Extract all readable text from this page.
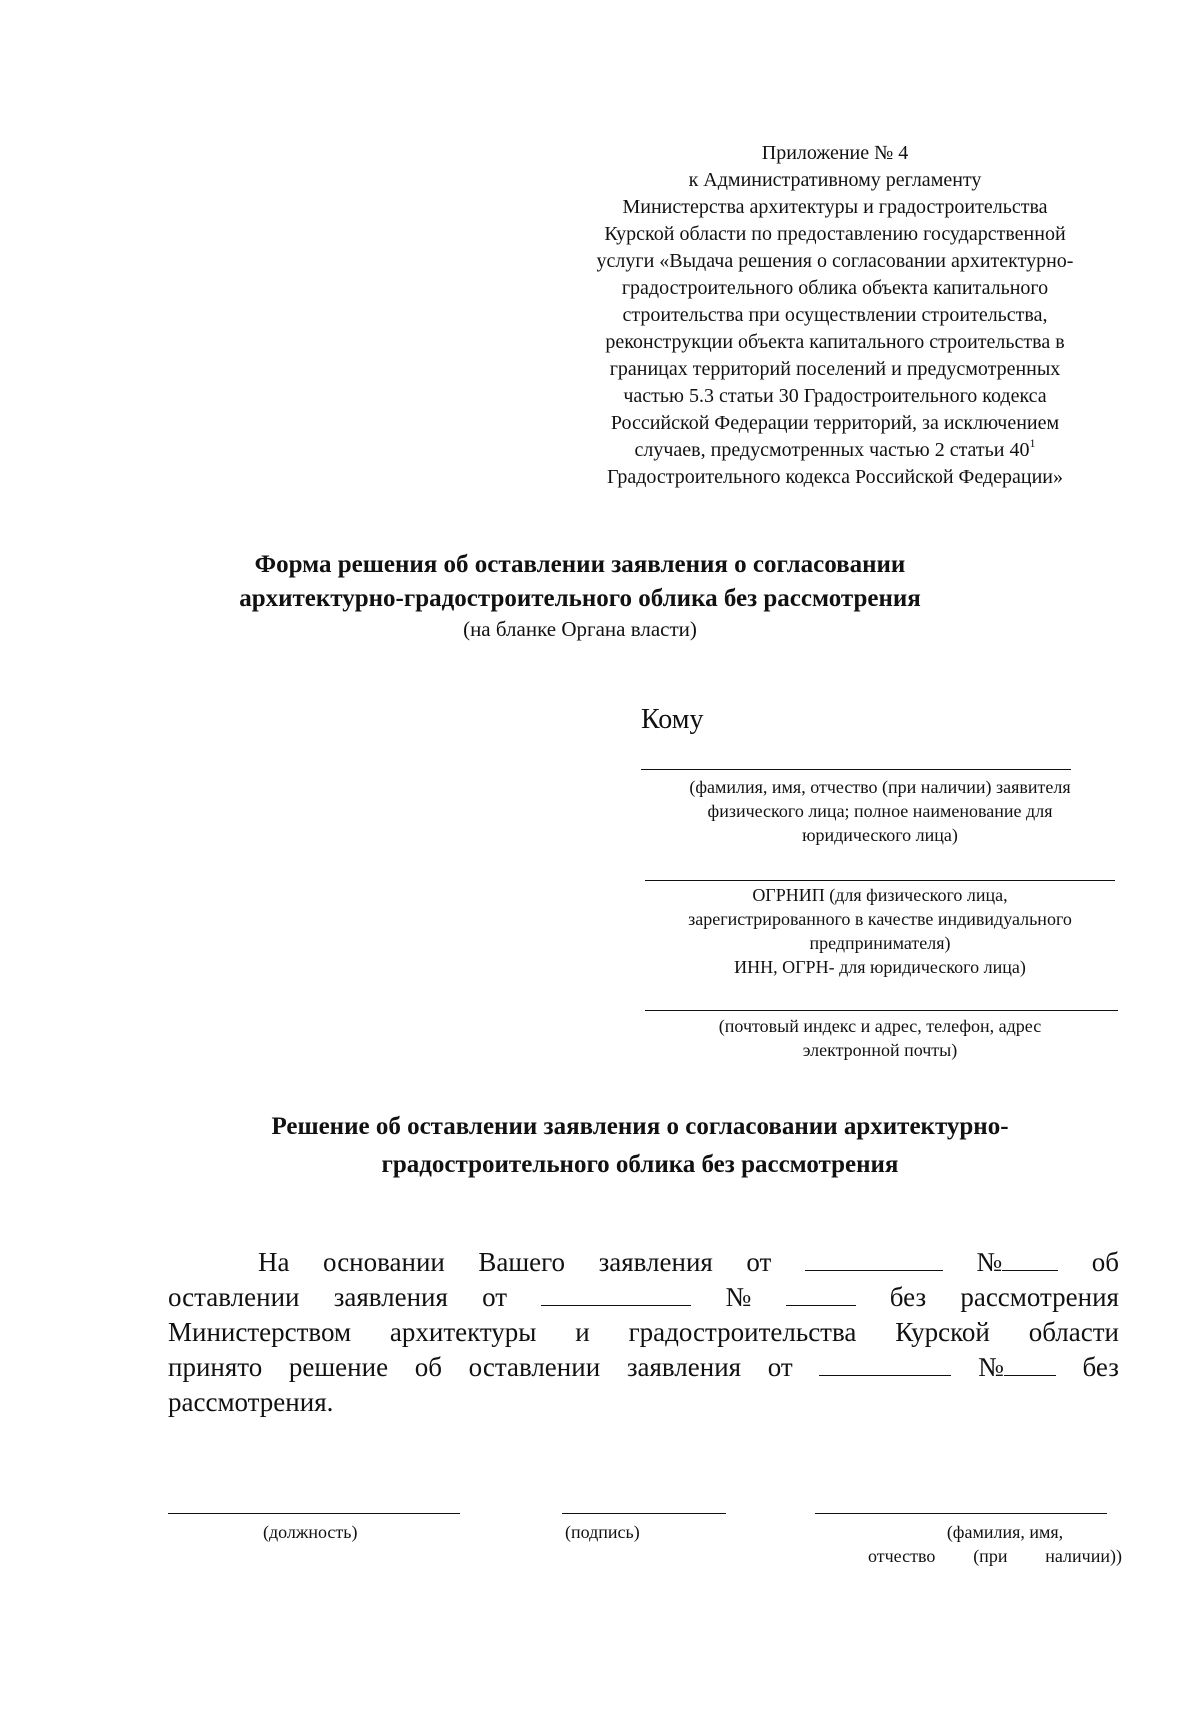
Приложение № 4
к Административному регламенту
Министерства архитектуры и градостроительства
Курской области по предоставлению государственной
услуги «Выдача решения о согласовании архитектурно-
градостроительного облика объекта капитального
строительства при осуществлении строительства,
реконструкции объекта капитального строительства в
границах территорий поселений и предусмотренных
частью 5.3 статьи 30 Градостроительного кодекса
Российской Федерации территорий, за исключением
случаев, предусмотренных частью 2 статьи $40^1$
Градостроительного кодекса Российской Федерации»
Форма решения об оставлении заявления о согласовании
архитектурно-градостроительного облика без рассмотрения
(на бланке Органа власти)
Кому
(фамилия, имя, отчество (при наличии) заявителя
физического лица; полное наименование для
юридического лица)
ОГРНИП (для физического лица,
зарегистрированного в качестве индивидуального
предпринимателя)
ИНН, ОГРН- для юридического лица)
(почтовый индекс и адрес, телефон, адрес
электронной почты)
Решение об оставлении заявления о согласовании архитектурно-
градостроительного облика без рассмотрения
На основании Вашего заявления от	№	об
оставлении заявления от	№	без рассмотрения
Министерством архитектуры и градостроительства Курской области
принято решение об оставлении заявления от	№	без
рассмотрения.
(должность)	(подпись)	(фамилия, имя,
отчество (при наличии))
